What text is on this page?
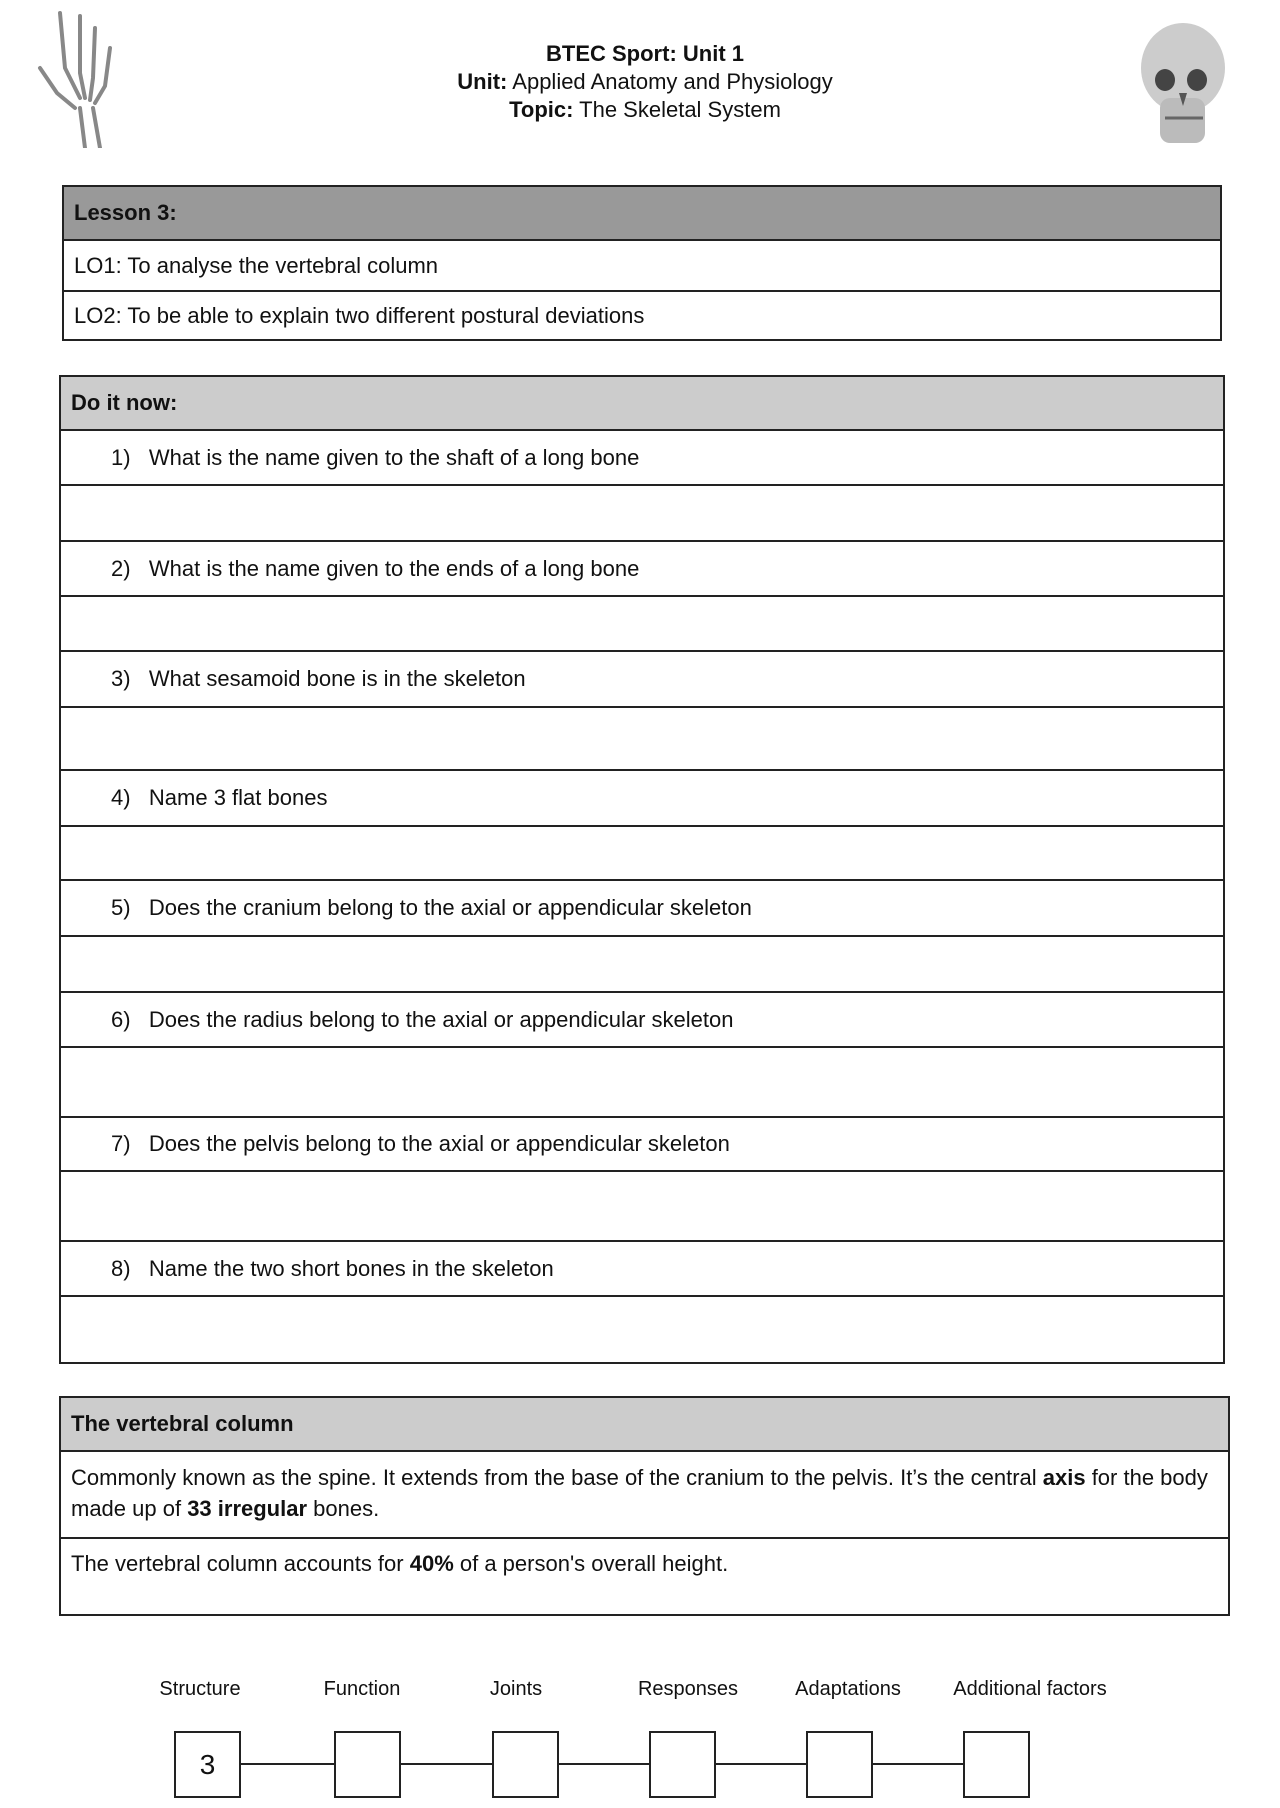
BTEC Sport: Unit 1
Unit: Applied Anatomy and Physiology
Topic: The Skeletal System
Lesson 3:
LO1: To analyse the vertebral column
LO2: To be able to explain two different postural deviations
Do it now:
1)   What is the name given to the shaft of a long bone
2)   What is the name given to the ends of a long bone
3)   What sesamoid bone is in the skeleton
4)   Name 3 flat bones
5)   Does the cranium belong to the axial or appendicular skeleton
6)   Does the radius belong to the axial or appendicular skeleton
7)   Does the pelvis belong to the axial or appendicular skeleton
8)   Name the two short bones in the skeleton
The vertebral column
Commonly known as the spine. It extends from the base of the cranium to the pelvis. It’s the central axis for the body made up of 33 irregular bones.
The vertebral column accounts for 40% of a person's overall height.
Structure	Function	Joints	Responses	Adaptations	Additional factors
3
